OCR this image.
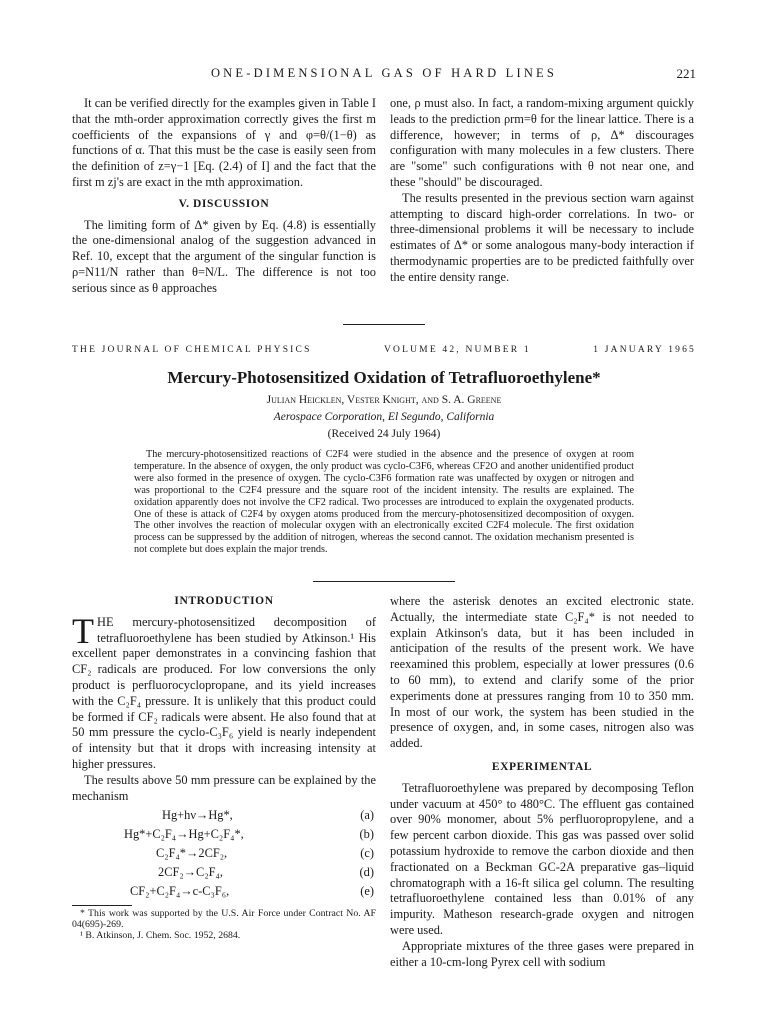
ONE-DIMENSIONAL GAS OF HARD LINES	221

It can be verified directly for the examples given in Table I that the mth-order approximation correctly gives the first m coefficients of the expansions of γ and φ=θ/(1−θ) as functions of α. That this must be the case is easily seen from the definition of z=γ−1 [Eq. (2.4) of I] and the fact that the first m zj's are exact in the mth approximation.

V. DISCUSSION

The limiting form of Δ* given by Eq. (4.8) is essentially the one-dimensional analog of the suggestion advanced in Ref. 10, except that the argument of the singular function is ρ=N11/N rather than θ=N/L. The difference is not too serious since as θ approaches

one, ρ must also. In fact, a random-mixing argument quickly leads to the prediction ρrm=θ for the linear lattice. There is a difference, however; in terms of ρ, Δ* discourages configuration with many molecules in a few clusters. There are "some" such configurations with θ not near one, and these "should" be discouraged.

The results presented in the previous section warn against attempting to discard high-order correlations. In two- or three-dimensional problems it will be necessary to include estimates of Δ* or some analogous many-body interaction if thermodynamic properties are to be predicted faithfully over the entire density range.

THE JOURNAL OF CHEMICAL PHYSICS	VOLUME 42, NUMBER 1	1 JANUARY 1965
Mercury-Photosensitized Oxidation of Tetrafluoroethylene*
Julian Heicklen, Vester Knight, and S. A. Greene
Aerospace Corporation, El Segundo, California
(Received 24 July 1964)

The mercury-photosensitized reactions of C2F4 were studied in the absence and the presence of oxygen at room temperature. In the absence of oxygen, the only product was cyclo-C3F6, whereas CF2O and another unidentified product were also formed in the presence of oxygen. The cyclo-C3F6 formation rate was unaffected by oxygen or nitrogen and was proportional to the C2F4 pressure and the square root of the incident intensity. The results are explained. The oxidation apparently does not involve the CF2 radical. Two processes are introduced to explain the oxygenated products. One of these is attack of C2F4 by oxygen atoms produced from the mercury-photosensitized decomposition of oxygen. The other involves the reaction of molecular oxygen with an electronically excited C2F4 molecule. The first oxidation process can be suppressed by the addition of nitrogen, whereas the second cannot. The oxidation mechanism presented is not complete but does explain the major trends.

INTRODUCTION

THE mercury-photosensitized decomposition of tetrafluoroethylene has been studied by Atkinson.¹ His excellent paper demonstrates in a convincing fashion that CF₂ radicals are produced. For low conversions the only product is perfluorocyclopropane, and its yield increases with the C₂F₄ pressure. It is unlikely that this product could be formed if CF₂ radicals were absent. He also found that at 50 mm pressure the cyclo-C₃F₆ yield is nearly independent of intensity but that it drops with increasing intensity at higher pressures.

The results above 50 mm pressure can be explained by the mechanism

Hg+hν→Hg*,	(a)
Hg*+C₂F₄→Hg+C₂F₄*,	(b)
C₂F₄*→2CF₂,	(c)
2CF₂→C₂F₄,	(d)
CF₂+C₂F₄→c-C₃F₆,	(e)

* This work was supported by the U.S. Air Force under Contract No. AF 04(695)-269.

¹ B. Atkinson, J. Chem. Soc. 1952, 2684.

where the asterisk denotes an excited electronic state. Actually, the intermediate state C₂F₄* is not needed to explain Atkinson's data, but it has been included in anticipation of the results of the present work. We have reexamined this problem, especially at lower pressures (0.6 to 60 mm), to extend and clarify some of the prior experiments done at pressures ranging from 10 to 350 mm. In most of our work, the system has been studied in the presence of oxygen, and, in some cases, nitrogen also was added.

EXPERIMENTAL

Tetrafluoroethylene was prepared by decomposing Teflon under vacuum at 450° to 480°C. The effluent gas contained over 90% monomer, about 5% perfluoropropylene, and a few percent carbon dioxide. This gas was passed over solid potassium hydroxide to remove the carbon dioxide and then fractionated on a Beckman GC-2A preparative gas–liquid chromatograph with a 16-ft silica gel column. The resulting tetrafluoroethylene contained less than 0.01% of any impurity. Matheson research-grade oxygen and nitrogen were used.

Appropriate mixtures of the three gases were prepared in either a 10-cm-long Pyrex cell with sodium
